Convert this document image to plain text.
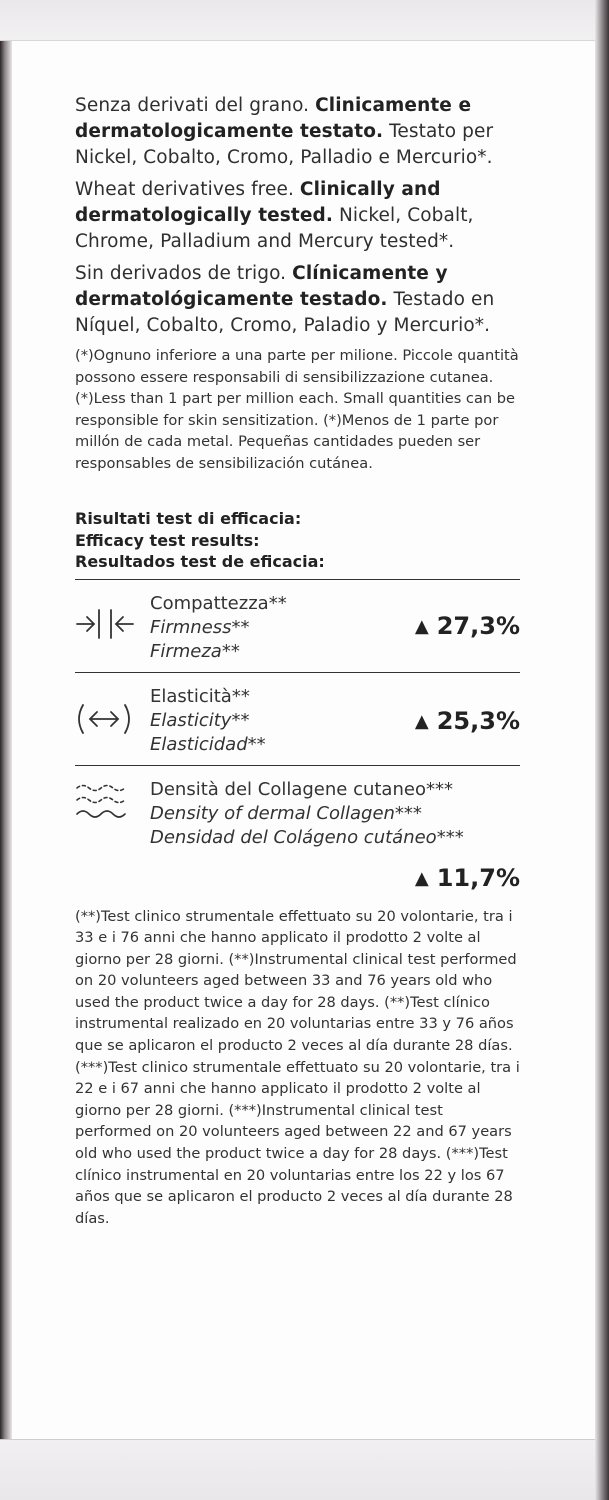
Senza derivati del grano. Clinicamente e dermatologicamente testato. Testato per Nickel, Cobalto, Cromo, Palladio e Mercurio*.

Wheat derivatives free. Clinically and dermatologically tested. Nickel, Cobalt, Chrome, Palladium and Mercury tested*.

Sin derivados de trigo. Clínicamente y dermatológicamente testado. Testado en Níquel, Cobalto, Cromo, Paladio y Mercurio*.

(*)Ognuno inferiore a una parte per milione. Piccole quantità possono essere responsabili di sensibilizzazione cutanea. (*)Less than 1 part per million each. Small quantities can be responsible for skin sensitization. (*)Menos de 1 parte por millón de cada metal. Pequeñas cantidades pueden ser responsables de sensibilización cutánea.

Risultati test di efficacia:
Efficacy test results:
Resultados test de eficacia:
Compattezza**
Firmness**
Firmeza**
▲ 27,3%
Elasticità**
Elasticity**
Elasticidad**
▲ 25,3%
Densità del Collagene cutaneo***
Density of dermal Collagen***
Densidad del Colágeno cutáneo***
▲ 11,7%

(**)Test clinico strumentale effettuato su 20 volontarie, tra i 33 e i 76 anni che hanno applicato il prodotto 2 volte al giorno per 28 giorni. (**)Instrumental clinical test performed on 20 volunteers aged between 33 and 76 years old who used the product twice a day for 28 days. (**)Test clínico instrumental realizado en 20 voluntarias entre 33 y 76 años que se aplicaron el producto 2 veces al día durante 28 días. (***)Test clinico strumentale effettuato su 20 volontarie, tra i 22 e i 67 anni che hanno applicato il prodotto 2 volte al giorno per 28 giorni. (***)Instrumental clinical test performed on 20 volunteers aged between 22 and 67 years old who used the product twice a day for 28 days. (***)Test clínico instrumental en 20 voluntarias entre los 22 y los 67 años que se aplicaron el producto 2 veces al día durante 28 días.
